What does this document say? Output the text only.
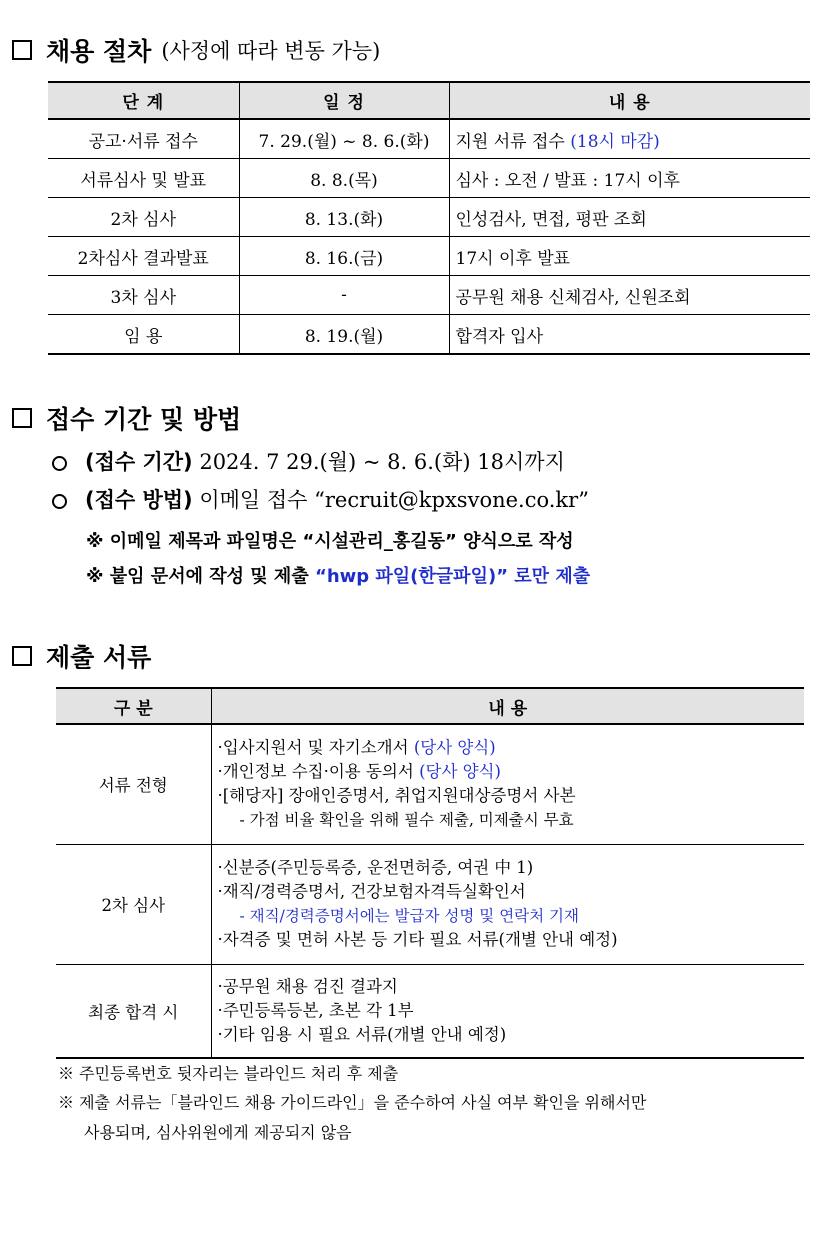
채용 절차 (사정에 따라 변동 가능)
단 계	일 정	내 용
공고·서류 접수	7. 29.(월) ~ 8. 6.(화)	지원 서류 접수 (18시 마감)
서류심사 및 발표	8. 8.(목)	심사 : 오전 / 발표 : 17시 이후
2차 심사	8. 13.(화)	인성검사, 면접, 평판 조회
2차심사 결과발표	8. 16.(금)	17시 이후 발표
3차 심사	-	공무원 채용 신체검사, 신원조회
임 용	8. 19.(월)	합격자 입사
접수 기간 및 방법
(접수 기간) 2024. 7 29.(월) ~ 8. 6.(화) 18시까지
(접수 방법) 이메일 접수 “recruit@kpxsvone.co.kr”
※ 이메일 제목과 파일명은 “시설관리_홍길동” 양식으로 작성
※ 붙임 문서에 작성 및 제출 “hwp 파일(한글파일)” 로만 제출
제출 서류
구 분	내 용
서류 전형	·입사지원서 및 자기소개서 (당사 양식)
·개인정보 수집·이용 동의서 (당사 양식)
·[해당자] 장애인증명서, 취업지원대상증명서 사본
- 가점 비율 확인을 위해 필수 제출, 미제출시 무효

2차 심사	·신분증(주민등록증, 운전면허증, 여권 中 1)
·재직/경력증명서, 건강보험자격득실확인서
- 재직/경력증명서에는 발급자 성명 및 연락처 기재
·자격증 및 면허 사본 등 기타 필요 서류(개별 안내 예정)

최종 합격 시	·공무원 채용 검진 결과지
·주민등록등본, 초본 각 1부
·기타 임용 시 필요 서류(개별 안내 예정)
※ 주민등록번호 뒷자리는 블라인드 처리 후 제출
※ 제출 서류는「블라인드 채용 가이드라인」을 준수하여 사실 여부 확인을 위해서만
사용되며, 심사위원에게 제공되지 않음
